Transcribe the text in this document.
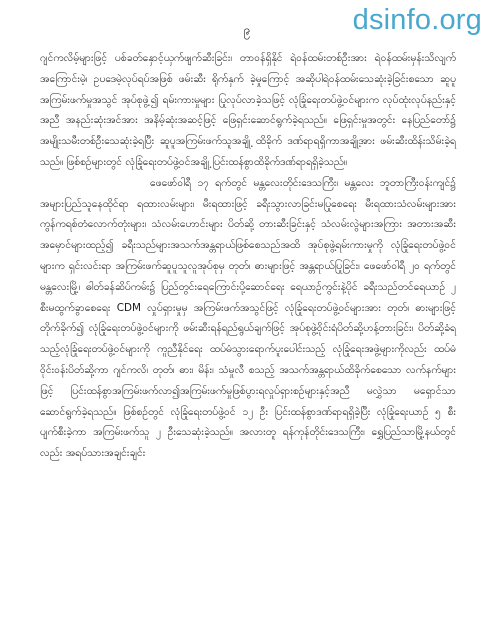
dsinfo.org
၉

ဂျင်ကလိမ့်များဖြင့် ပစ်ခတ်နှောင့်ယှက်ဖျက်ဆီးခြင်း၊ တာဝန်ရှိနိုင် ရဲဝန်ထမ်းတစ်ဦးအား ရဲဝန်ထမ်းမှန်းသိလျက် အကြောင်းမဲ့၊ ဥပဒေမဲ့လုပ်ရပ်အဖြစ် ဖမ်းဆီး ရိုက်နှက် ခဲ့မှုကြောင့် အဆိုပါရဲဝန်ထမ်းသေဆုံးခဲ့ခြင်းစသော ဆူပူအကြမ်းဖက်မှုအသွင် အုပ်စုဖွဲ့၍ ရမ်းကားမှုများ ပြုလုပ်လာခဲ့သဖြင့် လုံခြုံရေးတပ်ဖွဲ့ဝင်များက လုပ်ထုံးလုပ်နည်းနှင့်အညီ အနည်းဆုံးအင်အား အနိမ့်ဆုံးအဆင့်ဖြင့် ဖြေရှင်းဆောင်ရွက်ခဲ့ရသည်။ ဖြေရှင်းမှုအတွင်း နေပြည်တော်၌ အမျိုးသမီးတစ်ဦးသေဆုံးခဲ့ရပြီး ဆူပူအကြမ်းဖက်သူအချို့ ထိခိုက် ဒဏ်ရာရရှိကာအချို့အား ဖမ်းဆီးထိန်းသိမ်းခဲ့ရသည်။ ဖြစ်စဉ်များတွင် လုံခြုံရေးတပ်ဖွဲ့ဝင်အချို့ ပြင်းထန်စွာထိခိုက်ဒဏ်ရာရရှိခဲ့သည်။

ဖေဖော်ဝါရီ ၁၇ ရက်တွင် မန္တလေးတိုင်းဒေသကြီး၊ မန္တလေး ဘူတာကြီးဝန်းကျင်၌ အများပြည်သူနေထိုင်ရာ ရထားလမ်းများ၊ မီးရထားဖြင့် ခရီးသွားလာခြင်းမပြုစေရေး မီးရထားသံလမ်းများအား ကွန်ကရစ်တံလောက်တုံးများ၊ သံလမ်းဟောင်းများ ပိတ်ဆို့ တားဆီးခြင်းနှင့် သံလမ်းလွဲများအကြား အတားအဆီးအမှောင်များထည့်၍ ခရီးသည်များအသက်အန္တရာယ်ဖြစ်စေသည်အထိ အုပ်စုဖွဲ့ရမ်းကားမှုကို လုံခြုံရေးတပ်ဖွဲ့ဝင်များက ရှင်းလင်းရာ အကြမ်းဖက်ဆူပူသူလူအုပ်စုမှ တုတ်၊ ဓားများဖြင့် အန္တရာယ်ပြုခြင်း၊ ဖေဖော်ဝါရီ ၂၀ ရက်တွင် မန္တလေးမြို့၊ ဓါတ်ခန်ဆိပ်ကမ်း၌ ပြည်တွင်းရေကြောင်းပို့ဆောင်ရေး ရေယာဉ်ကွင်းနဲ့ပိုင် ခရီးသည်တင်ရေယာဉ် ၂ စီးမထွက်ခွာစေရေး CDM လှုပ်ရှားမှုမှ အကြမ်းဖက်အသွင်ဖြင့် လုံခြုံရေးတပ်ဖွဲ့ဝင်များအား တုတ်၊ ဓားများဖြင့် တိုက်ခိုက်၍ လုံခြုံရေးတပ်ဖွဲ့ဝင်များကို ဖမ်းဆီးရန်ရည်ရွယ်ချက်ဖြင့် အုပ်စုဖွဲ့ဝိုင်းရံပိတ်ဆို့ဟန့်တားခြင်း၊ ပိတ်ဆို့ခံရသည့်လုံခြုံရေးတပ်ဖွဲ့ဝင်များကို ကူညီနိုင်ရေး ထပ်မံသွားရောက်ပူးပေါင်းသည့် လုံခြုံရေးအဖွဲ့များကိုလည်း ထပ်မံဝိုင်းဝန်းပိတ်ဆို့ကာ ဂျင်ကလိ၊ တုတ်၊ ဓား၊ မိန်း၊ သံမှုလီ စသည့် အသက်အန္တရာယ်ထိခိုက်စေသော လက်နက်များဖြင့် ပြင်းထန်စွာအကြမ်းဖက်လာ၍အကြမ်းဖက်မှုဖြစ်ပွားရလှုပ်ရှားစဉ်များနှင့်အညီ မလွှဲသာ မရှောင်သာ ဆောင်ရွက်ခဲ့ရသည်။ ဖြစ်စဉ်တွင် လုံခြုံရေးတပ်ဖွဲ့ဝင် ၁၂ ဦး ပြင်းထန်စွာဒဏ်ရာရရှိခဲ့ပြီး လုံခြုံရေးယာဉ် ၅ စီးပျက်စီးခဲ့ကာ အကြမ်းဖက်သူ ၂ ဦးသေဆုံးခဲ့သည်။ အလားတူ ရန်ကုန်တိုင်းဒေသကြီး၊ ရွှေပြည်သာမြို့နယ်တွင်လည်း အရပ်သားအချင်းချင်း
